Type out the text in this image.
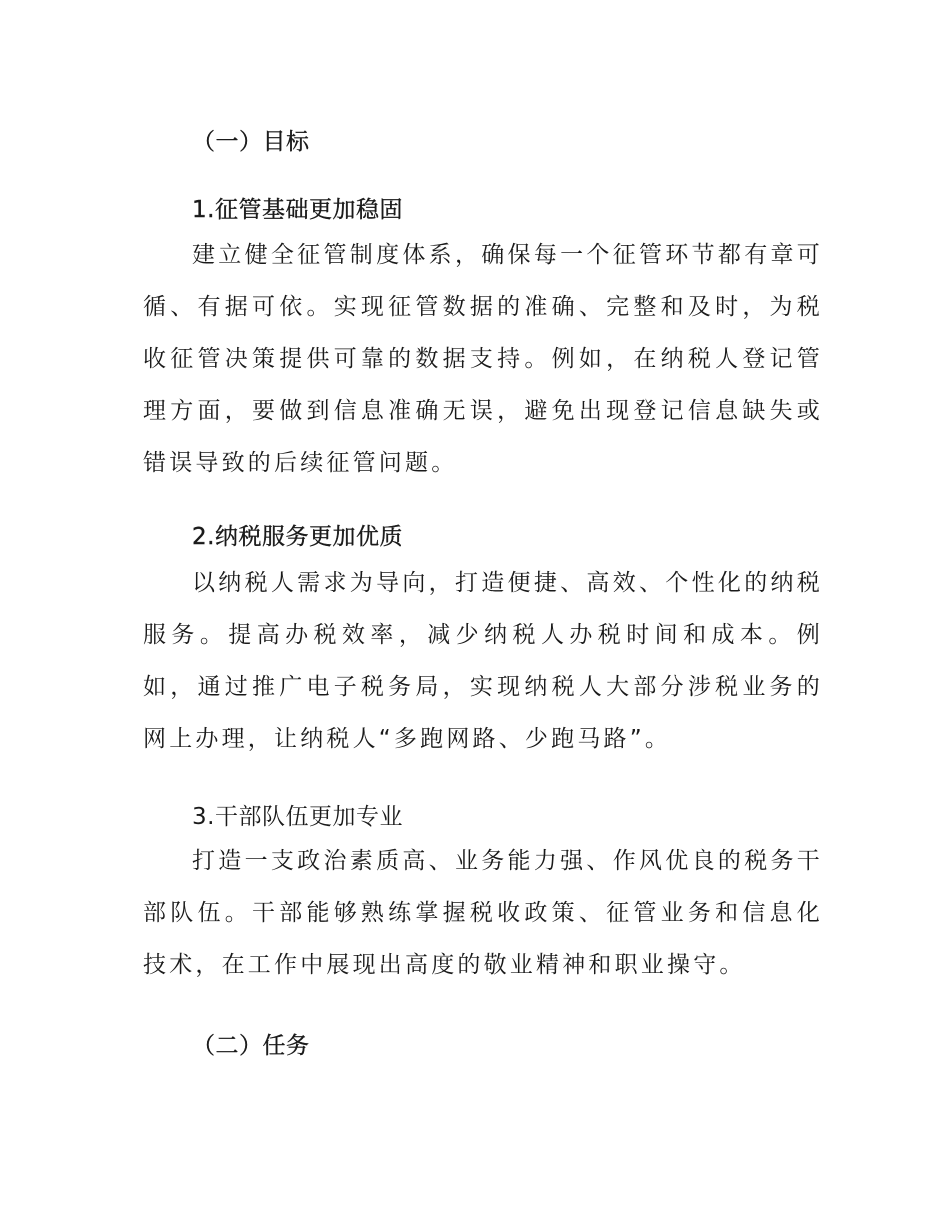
（一）目标
1.征管基础更加稳固

建立健全征管制度体系，确保每一个征管环节都有章可循、有据可依。实现征管数据的准确、完整和及时，为税收征管决策提供可靠的数据支持。例如，在纳税人登记管理方面，要做到信息准确无误，避免出现登记信息缺失或错误导致的后续征管问题。

2.纳税服务更加优质

以纳税人需求为导向，打造便捷、高效、个性化的纳税服务。提高办税效率，减少纳税人办税时间和成本。例如，通过推广电子税务局，实现纳税人大部分涉税业务的网上办理，让纳税人“多跑网路、少跑马路”。

3.干部队伍更加专业

打造一支政治素质高、业务能力强、作风优良的税务干部队伍。干部能够熟练掌握税收政策、征管业务和信息化技术，在工作中展现出高度的敬业精神和职业操守。

（二）任务
